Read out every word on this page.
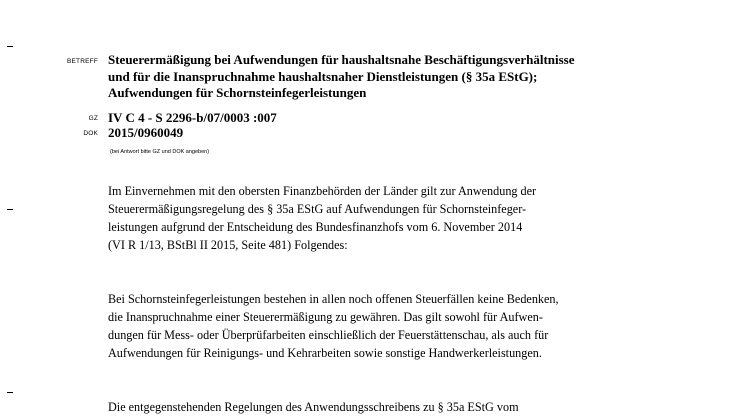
BETREFF Steuerermäßigung bei Aufwendungen für haushaltsnahe Beschäftigungsverhältnisse
und für die Inanspruchnahme haushaltsnaher Dienstleistungen (§ 35a EStG);
Aufwendungen für Schornsteinfegerleistungen
GZ IV C 4 - S 2296-b/07/0003 :007
DOK 2015/0960049
(bei Antwort bitte GZ und DOK angeben)
Im Einvernehmen mit den obersten Finanzbehörden der Länder gilt zur Anwendung der
Steuerermäßigungsregelung des § 35a EStG auf Aufwendungen für Schornsteinfeger-
leistungen aufgrund der Entscheidung des Bundesfinanzhofs vom 6. November 2014
(VI R 1/13, BStBl II 2015, Seite 481) Folgendes:
Bei Schornsteinfegerleistungen bestehen in allen noch offenen Steuerfällen keine Bedenken,
die Inanspruchnahme einer Steuerermäßigung zu gewähren. Das gilt sowohl für Aufwen-
dungen für Mess- oder Überprüfarbeiten einschließlich der Feuerstättenschau, als auch für
Aufwendungen für Reinigungs- und Kehrarbeiten sowie sonstige Handwerkerleistungen.
Die entgegenstehenden Regelungen des Anwendungsschreibens zu § 35a EStG vom
